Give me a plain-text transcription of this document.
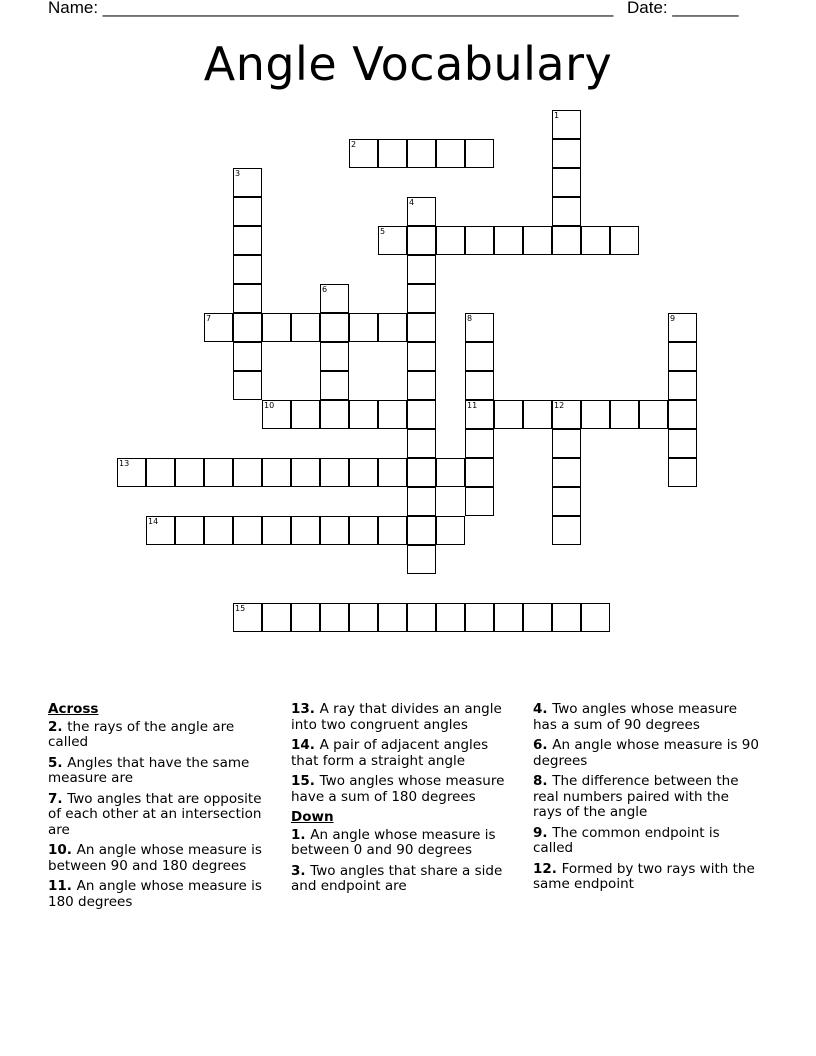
Name: ______________________________________________________ Date: _______
Angle Vocabulary
1
2
3
4
5
6
7	8
11
9
10	12
13
14
15
Across
2. the rays of the angle are called
5. Angles that have the same measure are
7. Two angles that are opposite of each other at an intersection are
10. An angle whose measure is between 90 and 180 degrees
11. An angle whose measure is 180 degrees
13. A ray that divides an angle into two congruent angles
14. A pair of adjacent angles that form a straight angle
15. Two angles whose measure have a sum of 180 degrees
Down
1. An angle whose measure is between 0 and 90 degrees
3. Two angles that share a side and endpoint are
4. Two angles whose measure has a sum of 90 degrees
6. An angle whose measure is 90 degrees
8. The difference between the real numbers paired with the rays of the angle
9. The common endpoint is called
12. Formed by two rays with the same endpoint
